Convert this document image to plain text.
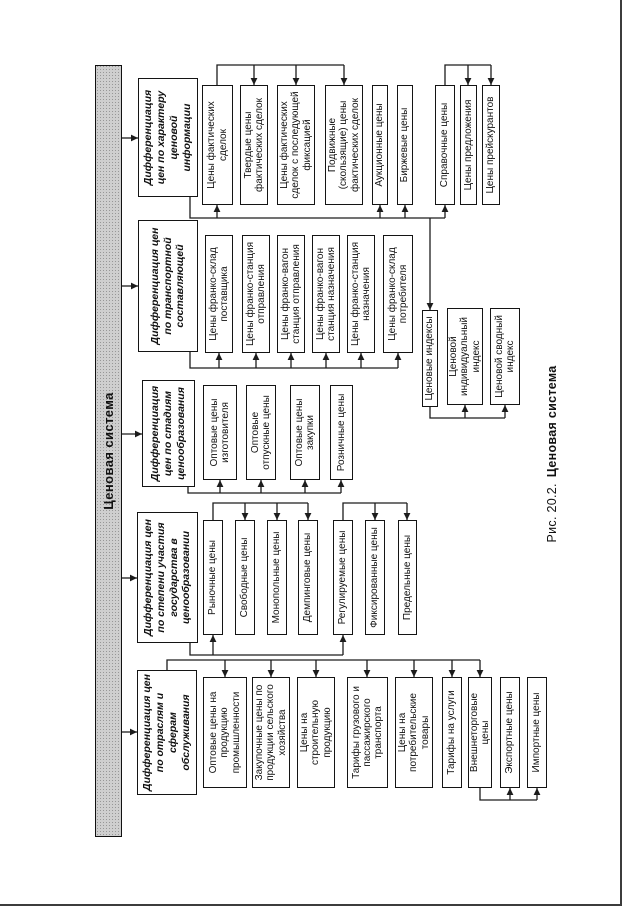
Ценовая система
Дифференциация цен по характеру ценовой информации
Дифференциация цен по транспортной составляющей
Дифференциация цен по стадиям ценообразования
Дифференциация цен по степени участия государства в ценообразовании
Дифференциация цен по отраслям и сферам обслуживания
Цены фактических сделок	Твердые цены фактических сделок	Цены фактических сделок с последующей фиксацией Подвижные (скользящие) цены фактических сделок Аукционные цены Биржевые цены	Справочные цены	Цены предложения	Цены прейскурантов
Цены франко-склад поставщика	Цены франко-станция отправления	Цены франко-вагон станция отправления	Цены франко-вагон станция назначения	Цены франко-станция назначения	Цены франко-склад потребителя
Ценовые индексы Ценовой индивидуальный индекс	Ценовой сводный индекс
Оптовые цены изготовителя	Оптовые отпускные цены	Оптовые цены закупки	Розничные цены
Рыночные цены	Свободные цены	Монопольные цены	Демпинговые цены	Регулируемые цены	Фиксированные цены	Предельные цены
Оптовые цены на продукцию промышленности	Закупочные цены по продукции сельского хозяйства Цены на строительную продукцию	Тарифы грузового и пассажирского транспорта	Цены на потребительские товары	Тарифы на услуги	Внешнеторговые цены	Экспортные цены	Импортные цены
Рис. 20.2.Ценовая система
